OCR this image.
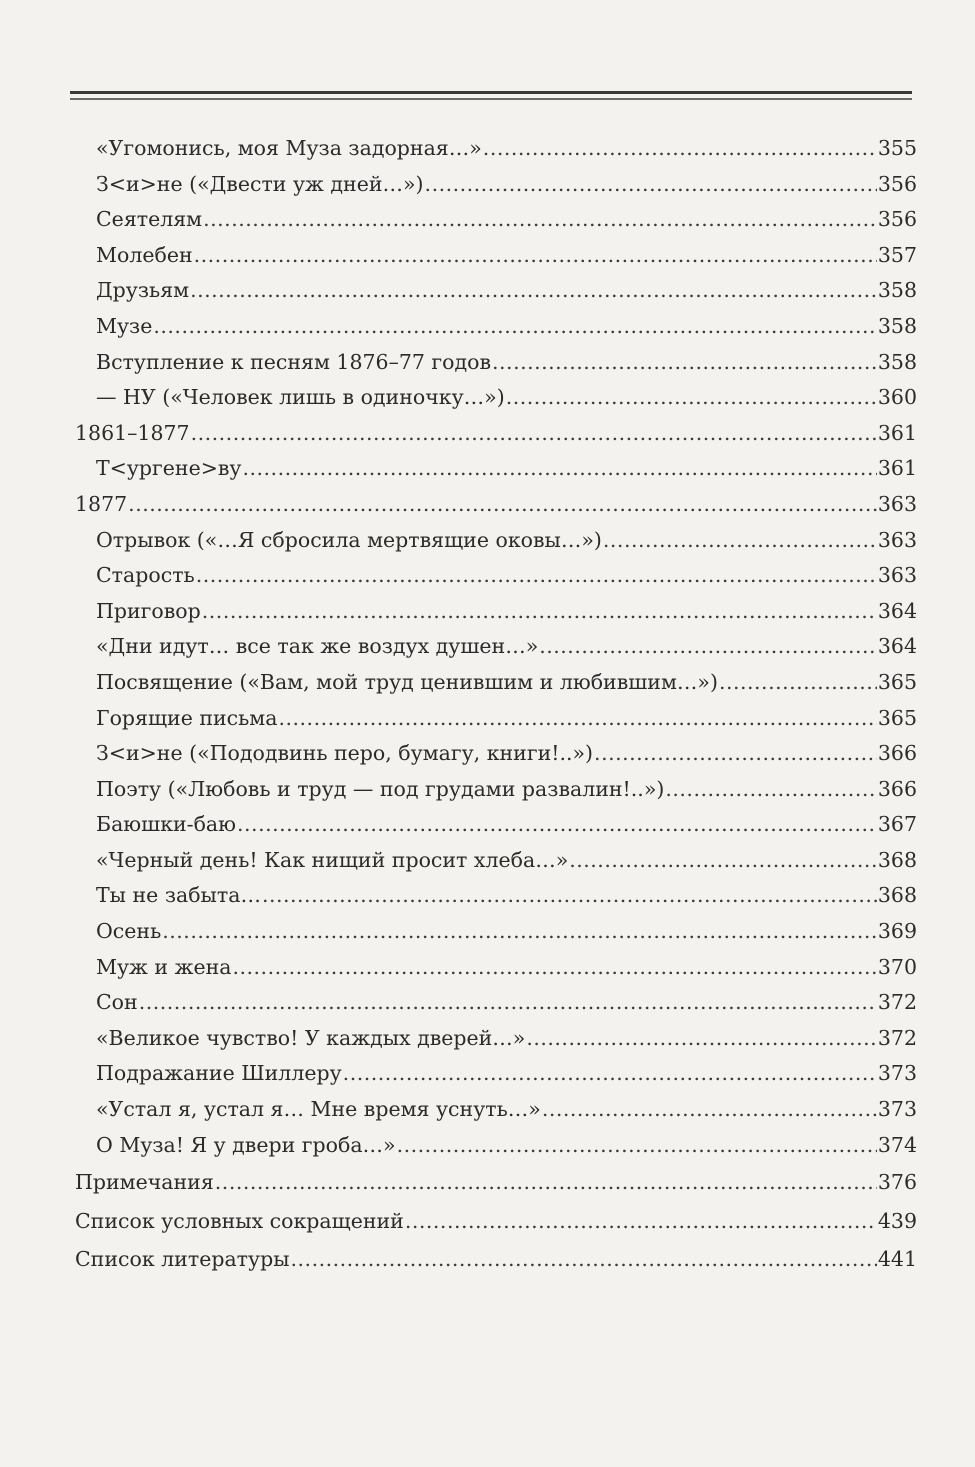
«Угомонись, моя Муза задорная…» .....	355
З<и>не («Двести уж дней…») .....	356
Сеятелям .....	356
Молебен .....	357
Друзьям .....	358
Музе .....	358
Вступление к песням 1876–77 годов .....	358
— НУ («Человек лишь в одиночку…») .....	360
1861–1877 .....	361
Т<ургене>ву .....	361
1877 .....	363
Отрывок («…Я сбросила мертвящие оковы…») .....	363
Старость .....	363
Приговор .....	364
«Дни идут… все так же воздух душен…» .....	364
Посвящение («Вам, мой труд ценившим и любившим…») .....	365
Горящие письма .....	365
З<и>не («Пододвинь перо, бумагу, книги!..») .....	366
Поэту («Любовь и труд — под грудами развалин!..») .....	366
Баюшки-баю .....	367
«Черный день! Как нищий просит хлеба…» .....	368
Ты не забыта… .....	368
Осень .....	369
Муж и жена .....	370
Сон .....	372
«Великое чувство! У каждых дверей…» .....	372
Подражание Шиллеру .....	373
«Устал я, устал я… Мне время уснуть…» .....	373
О Муза! Я у двери гроба…» .....	374
Примечания .....	376
Список условных сокращений .....	439
Список литературы .....	441
